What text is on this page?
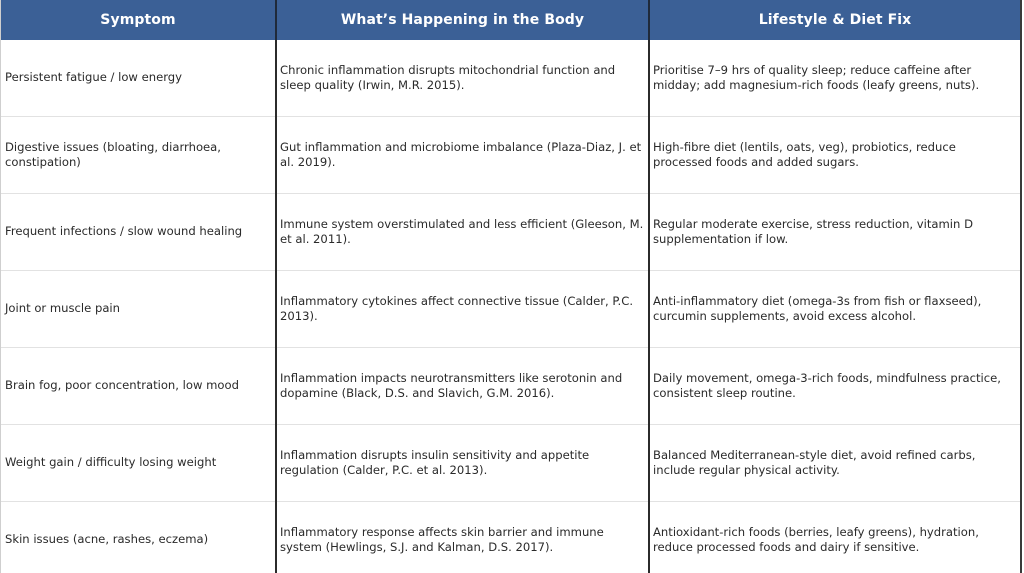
Symptom	What’s Happening in the Body	Lifestyle & Diet Fix
Persistent fatigue / low energy	Chronic inflammation disrupts mitochondrial function and sleep quality (Irwin, M.R. 2015).	Prioritise 7–9 hrs of quality sleep; reduce caffeine after midday; add magnesium-rich foods (leafy greens, nuts).
Digestive issues (bloating, diarrhoea, constipation)	Gut inflammation and microbiome imbalance (Plaza-Diaz, J. et al. 2019).	High-fibre diet (lentils, oats, veg), probiotics, reduce processed foods and added sugars.
Frequent infections / slow wound healing	Immune system overstimulated and less efficient (Gleeson, M. et al. 2011).	Regular moderate exercise, stress reduction, vitamin D supplementation if low.
Joint or muscle pain	Inflammatory cytokines affect connective tissue (Calder, P.C. 2013).	Anti-inflammatory diet (omega-3s from fish or flaxseed), curcumin supplements, avoid excess alcohol.
Brain fog, poor concentration, low mood	Inflammation impacts neurotransmitters like serotonin and dopamine (Black, D.S. and Slavich, G.M. 2016).	Daily movement, omega-3-rich foods, mindfulness practice, consistent sleep routine.
Weight gain / difficulty losing weight	Inflammation disrupts insulin sensitivity and appetite regulation (Calder, P.C. et al. 2013).	Balanced Mediterranean-style diet, avoid refined carbs, include regular physical activity.
Skin issues (acne, rashes, eczema)	Inflammatory response affects skin barrier and immune system (Hewlings, S.J. and Kalman, D.S. 2017).	Antioxidant-rich foods (berries, leafy greens), hydration, reduce processed foods and dairy if sensitive.
